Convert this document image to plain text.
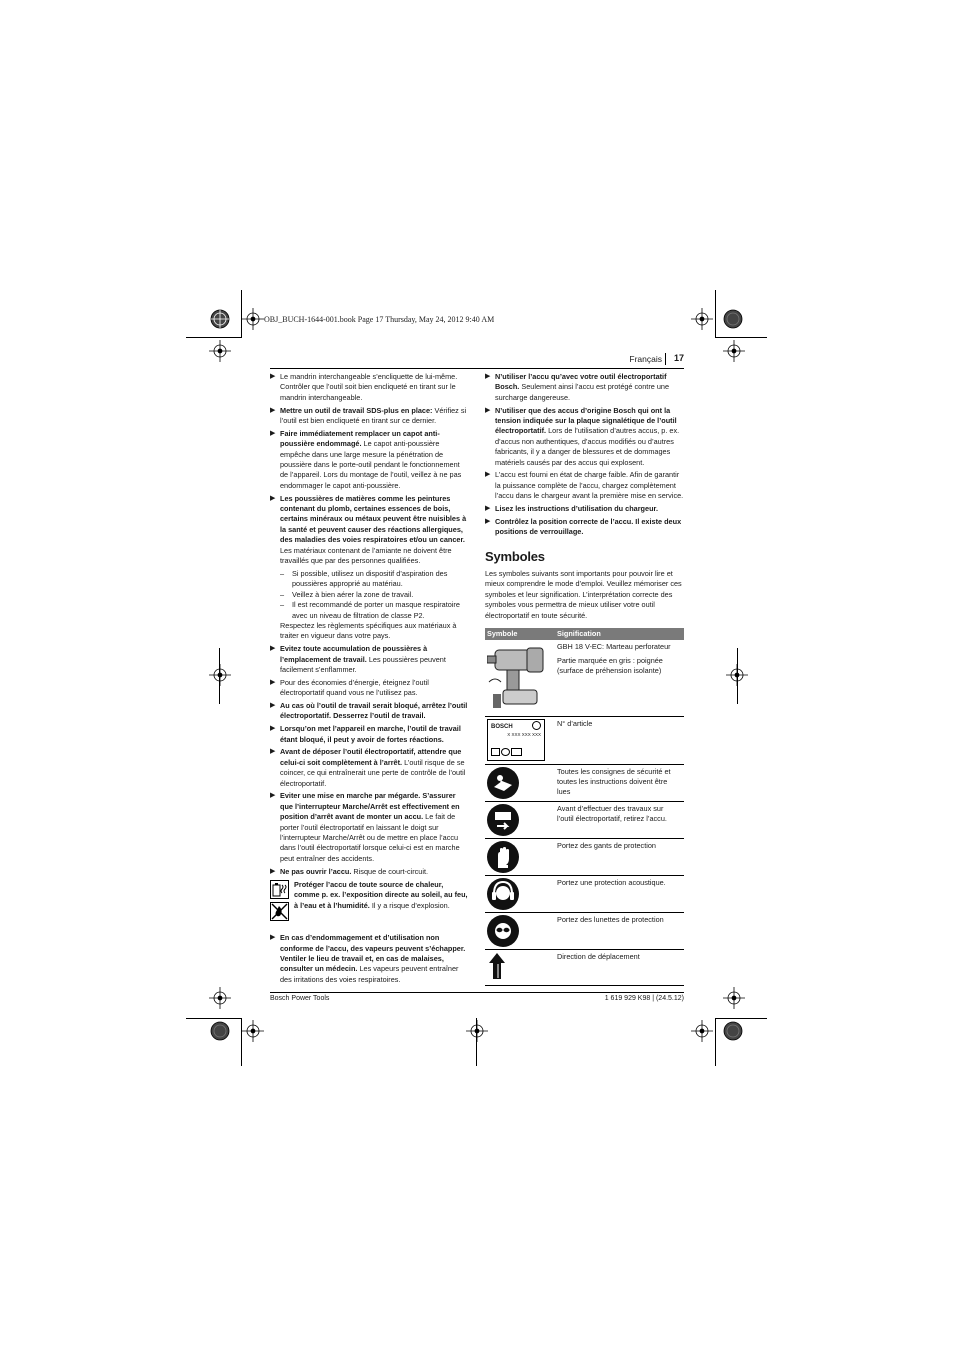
OBJ_BUCH-1644-001.book Page 17 Thursday, May 24, 2012 9:40 AM
Français 17
▶ Le mandrin interchangeable s’encliquette de lui-même. Contrôler que l’outil soit bien encliqueté en tirant sur le mandrin interchangeable.
▶ Mettre un outil de travail SDS-plus en place: Vérifiez si l’outil est bien encliqueté en tirant sur ce dernier.
▶ Faire immédiatement remplacer un capot anti-poussière endommagé. Le capot anti-poussière empêche dans une large mesure la pénétration de poussière dans le porte-outil pendant le fonctionnement de l’appareil. Lors du montage de l’outil, veillez à ne pas endommager le capot anti-poussière.
▶ Les poussières de matières comme les peintures contenant du plomb, certaines essences de bois, certains minéraux ou métaux peuvent être nuisibles à la santé et peuvent causer des réactions allergiques, des maladies des voies respiratoires et/ou un cancer. Les matériaux contenant de l’amiante ne doivent être travaillés que par des personnes qualifiées.
– Si possible, utilisez un dispositif d’aspiration des poussières approprié au matériau.
– Veillez à bien aérer la zone de travail.
– Il est recommandé de porter un masque respiratoire avec un niveau de filtration de classe P2.
Respectez les règlements spécifiques aux matériaux à traiter en vigueur dans votre pays.
▶ Evitez toute accumulation de poussières à l’emplacement de travail. Les poussières peuvent facilement s’enflammer.
▶ Pour des économies d’énergie, éteignez l’outil électroportatif quand vous ne l’utilisez pas.
▶ Au cas où l’outil de travail serait bloqué, arrêtez l’outil électroportatif. Desserrez l’outil de travail.
▶ Lorsqu’on met l’appareil en marche, l’outil de travail étant bloqué, il peut y avoir de fortes réactions.
▶ Avant de déposer l’outil électroportatif, attendre que celui-ci soit complètement à l’arrêt. L’outil risque de se coincer, ce qui entraînerait une perte de contrôle de l’outil électroportatif.
▶ Eviter une mise en marche par mégarde. S’assurer que l’interrupteur Marche/Arrêt est effectivement en position d’arrêt avant de monter un accu. Le fait de porter l’outil électroportatif en laissant le doigt sur l’interrupteur Marche/Arrêt ou de mettre en place l’accu dans l’outil électroportatif lorsque celui-ci est en marche peut entraîner des accidents.
▶ Ne pas ouvrir l’accu. Risque de court-circuit.
Protéger l’accu de toute source de chaleur, comme p. ex. l’exposition directe au soleil, au feu, à l’eau et à l’humidité. Il y a risque d’explosion.
▶ En cas d’endommagement et d’utilisation non conforme de l’accu, des vapeurs peuvent s’échapper. Ventiler le lieu de travail et, en cas de malaises, consulter un médecin. Les vapeurs peuvent entraîner des irritations des voies respiratoires.
▶ N’utiliser l’accu qu’avec votre outil électroportatif Bosch. Seulement ainsi l’accu est protégé contre une surcharge dangereuse.
▶ N’utiliser que des accus d’origine Bosch qui ont la tension indiquée sur la plaque signalétique de l’outil électroportatif. Lors de l’utilisation d’autres accus, p. ex. d’accus non authentiques, d’accus modifiés ou d’autres fabricants, il y a danger de blessures et de dommages matériels causés par des accus qui explosent.
▶ L’accu est fourni en état de charge faible. Afin de garantir la puissance complète de l’accu, chargez complètement l’accu dans le chargeur avant la première mise en service.
▶ Lisez les instructions d’utilisation du chargeur.
▶ Contrôlez la position correcte de l’accu. Il existe deux positions de verrouillage.
Symboles
Les symboles suivants sont importants pour pouvoir lire et mieux comprendre le mode d’emploi. Veuillez mémoriser ces symboles et leur signification. L’interprétation correcte des symboles vous permettra de mieux utiliser votre outil électroportatif en toute sécurité.
Symbole	Signification

GBH 18 V-EC: Marteau perforateur
Partie marquée en gris : poignée (surface de préhension isolante)

BOSCH
X XXX XXX XXX	N° d’article

Toutes les consignes de sécurité et toutes les instructions doivent être lues

Avant d’effectuer des travaux sur l’outil électroportatif, retirez l’accu.

Portez des gants de protection

Portez une protection acoustique.

Portez des lunettes de protection

Direction de déplacement
Bosch Power Tools	1 619 929 K98 | (24.5.12)
